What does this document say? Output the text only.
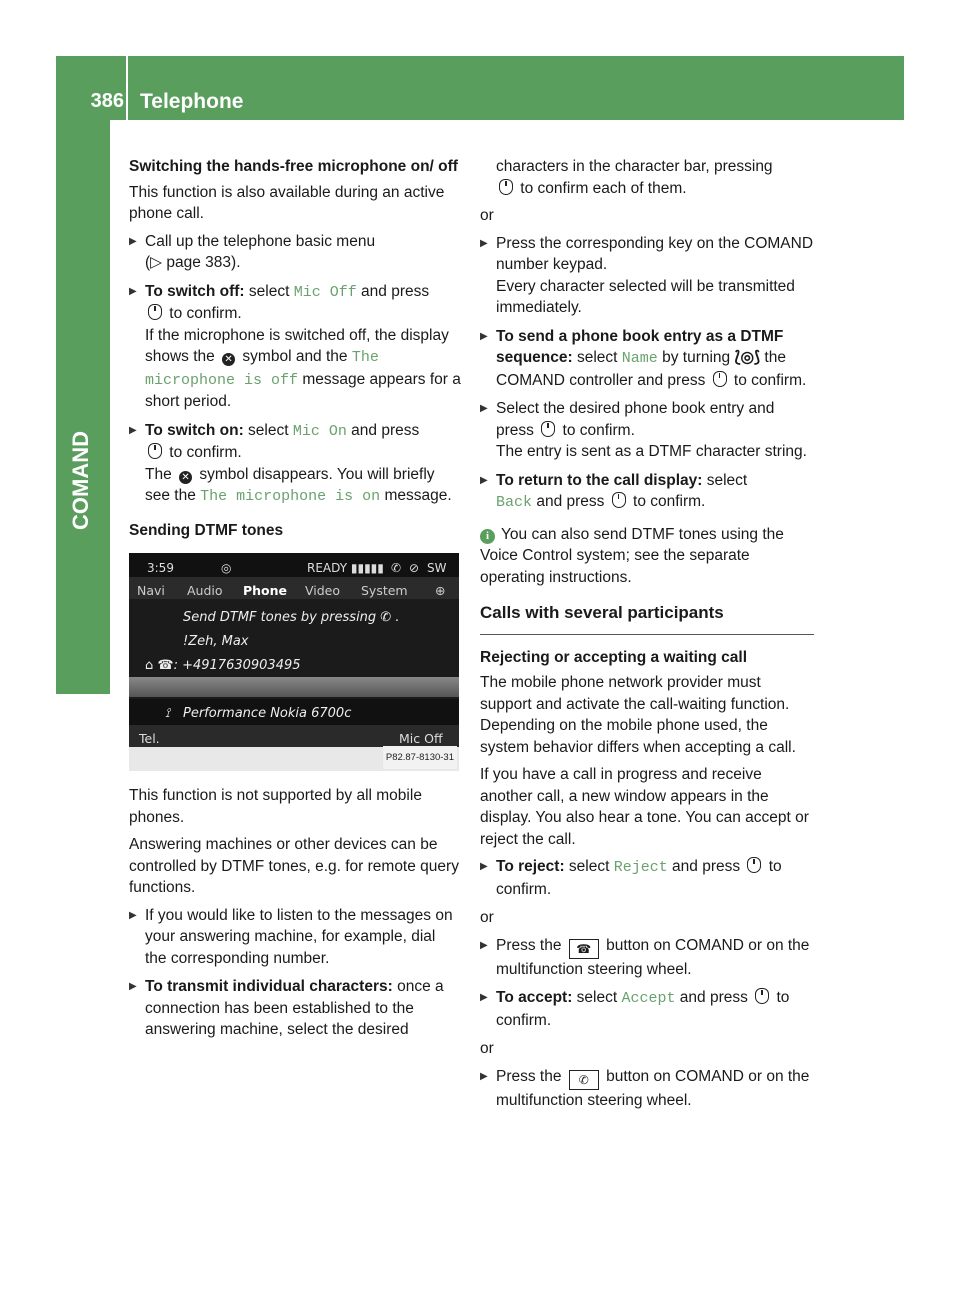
386 Telephone

Switching the hands-free microphone on/ off

This function is also available during an active phone call.

▶ Call up the telephone basic menu
(▷ page 383).
▶ To switch off: select Mic Off and press
to confirm.
If the microphone is switched off, the display shows the ✕ symbol and the The microphone is off message appears for a short period.
▶ To switch on: select Mic On and press
to confirm.
The ✕ symbol disappears. You will briefly see the The microphone is on message.

Sending DTMF tones

3:59	◎	READY ▮▮▮▮▮ ✆ ⊘ SW
Navi Audio Phone Video System ⊕
Send DTMF tones by pressing ✆ .
!Zeh, Max
⌂ ☎: +4917630903495
⟟ Performance Nokia 6700c
Tel.	Mic Off
P82.87-8130-31

This function is not supported by all mobile phones.

Answering machines or other devices can be controlled by DTMF tones, e.g. for remote query functions.

▶ If you would like to listen to the messages on your answering machine, for example, dial the corresponding number.
▶ To transmit individual characters: once a connection has been established to the answering machine, select the desired
characters in the character bar, pressing
to confirm each of them.

or

▶ Press the corresponding key on the COMAND number keypad.
Every character selected will be transmitted immediately.
▶ To send a phone book entry as a DTMF sequence: select Name by turning ⟅◎⟆ the COMAND controller and press  to confirm.
▶ Select the desired phone book entry and press  to confirm.
The entry is sent as a DTMF character string.
▶ To return to the call display: select
Back and press  to confirm.
i You can also send DTMF tones using the Voice Control system; see the separate operating instructions.
Calls with several participants

Rejecting or accepting a waiting call

The mobile phone network provider must support and activate the call-waiting function. Depending on the mobile phone used, the system behavior differs when accepting a call.

If you have a call in progress and receive another call, a new window appears in the display. You also hear a tone. You can accept or reject the call.

▶ To reject: select Reject and press  to confirm.

or

▶ Press the ☎ button on COMAND or on the multifunction steering wheel.
▶ To accept: select Accept and press  to confirm.

or

▶ Press the ✆ button on COMAND or on the multifunction steering wheel.
